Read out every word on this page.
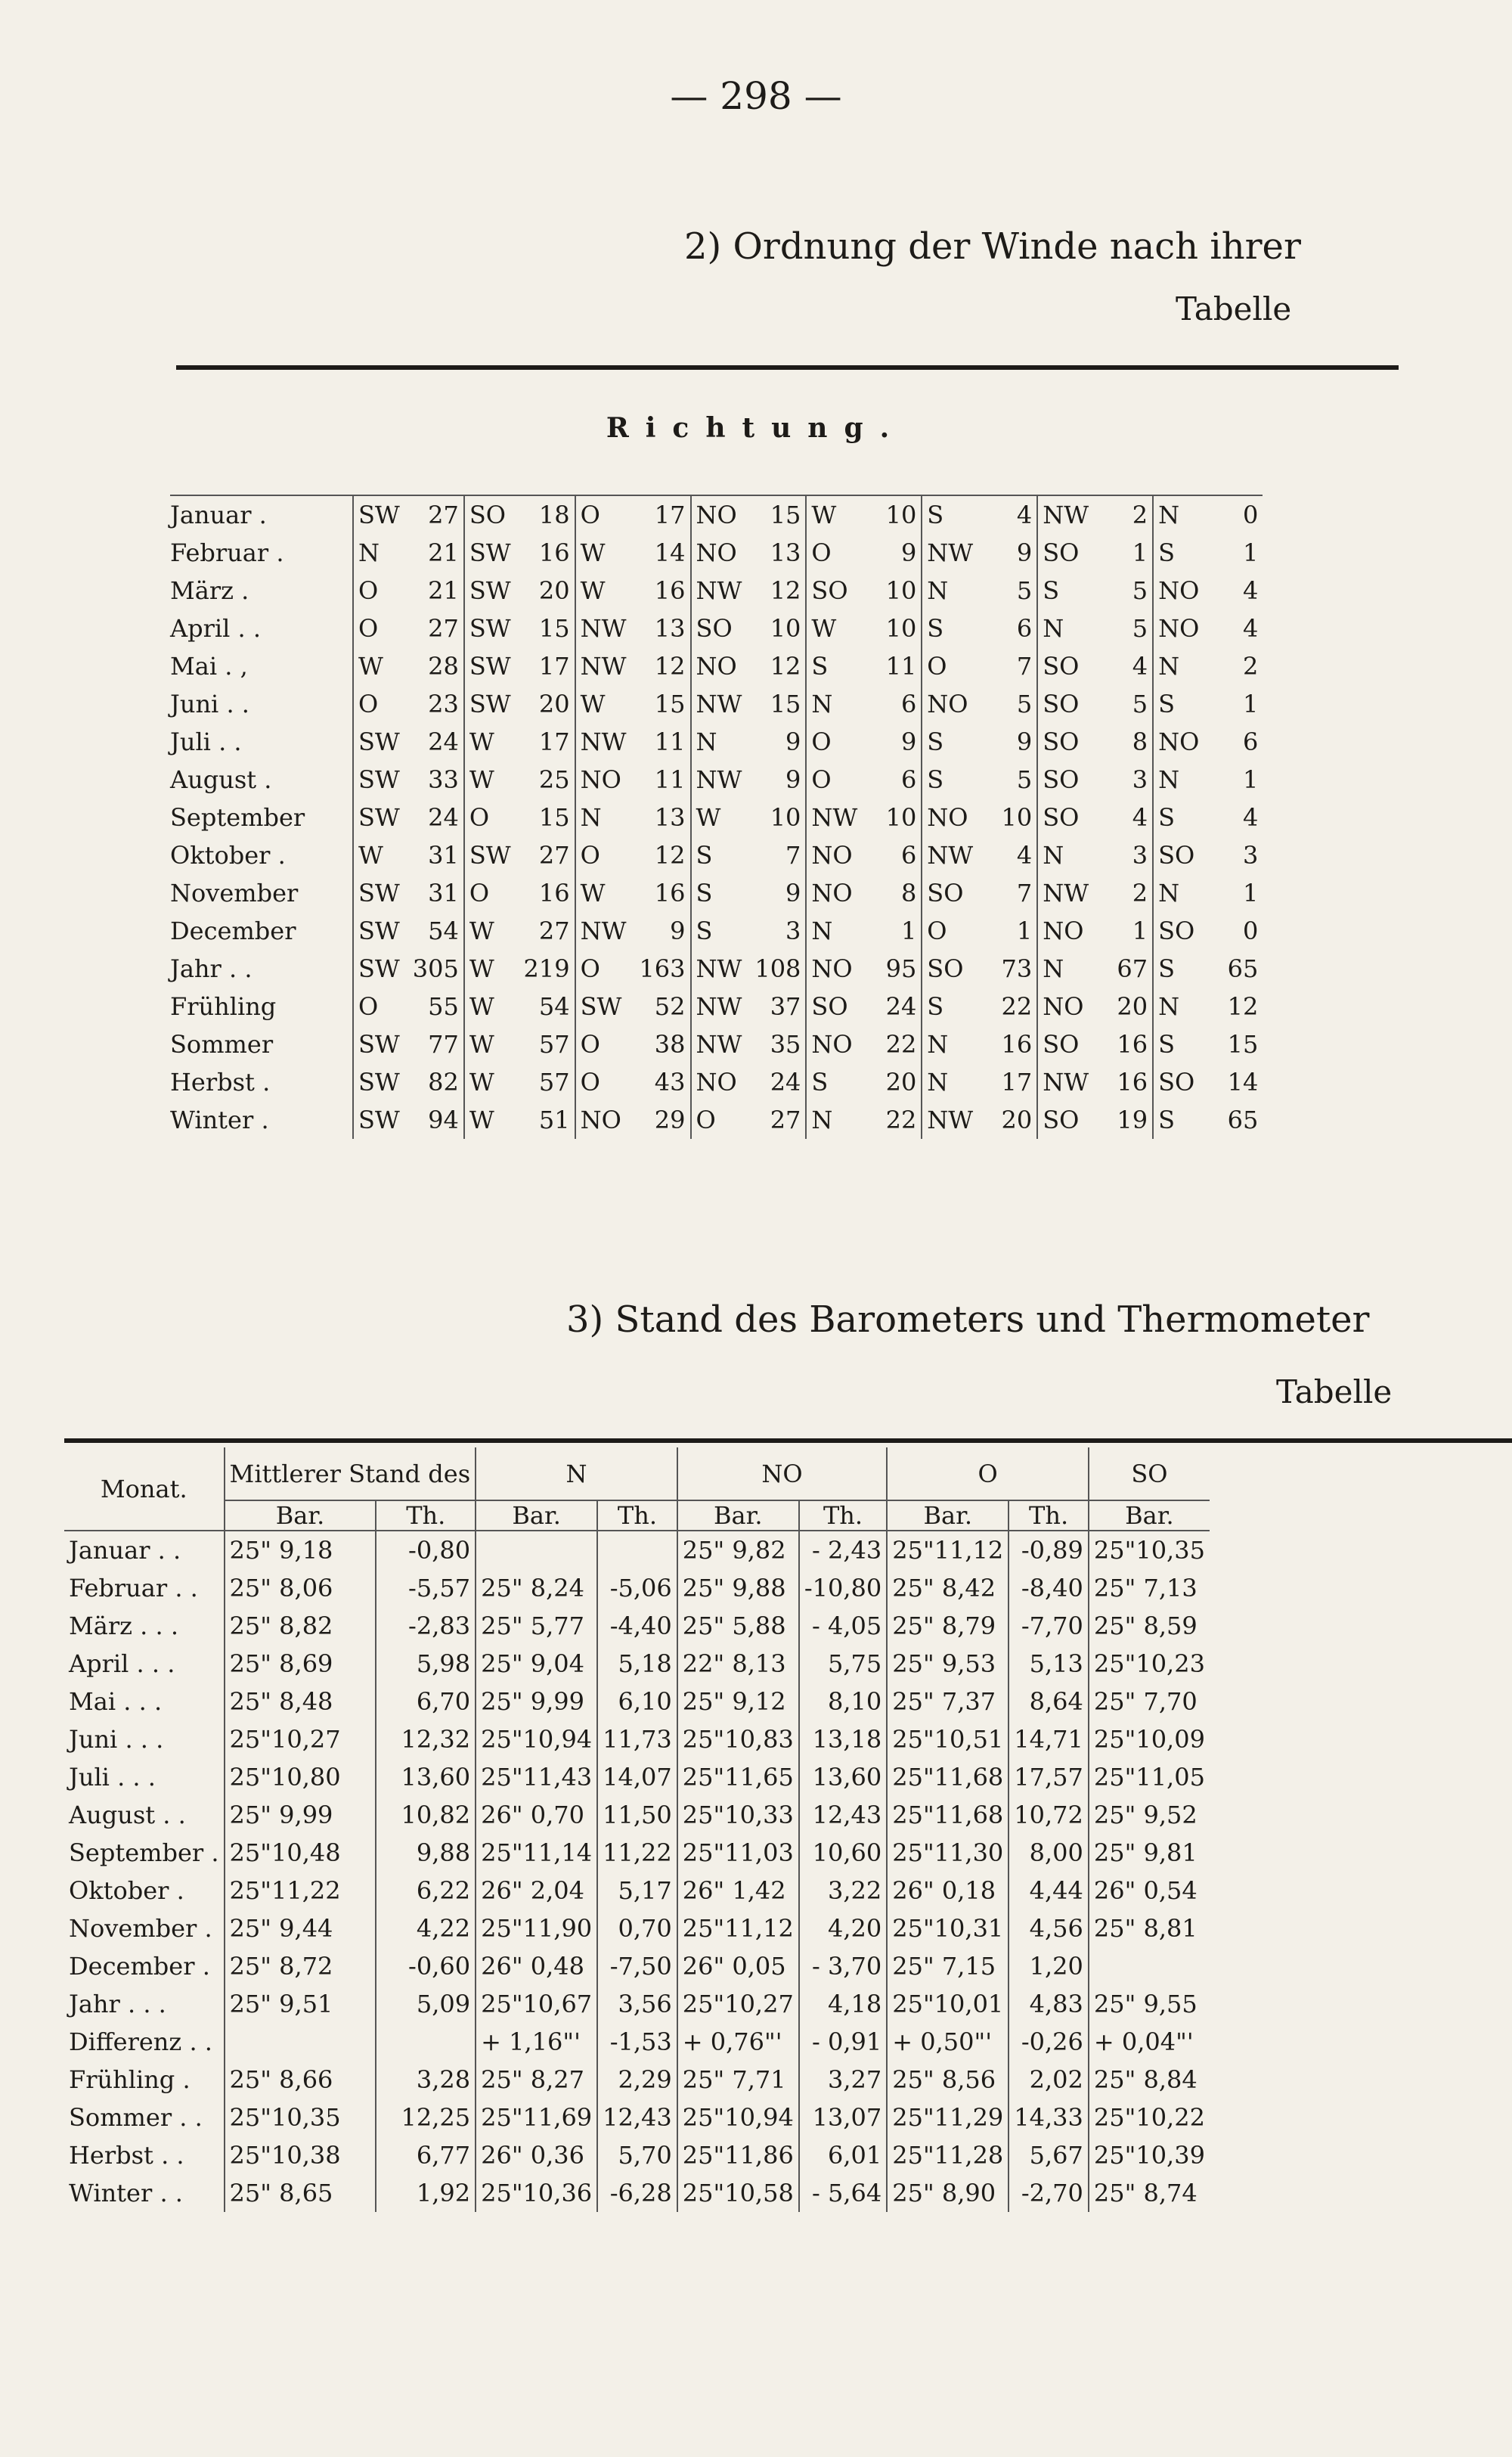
— 298 —
2) Ordnung der Winde nach ihrer
Tabelle
Richtung.
Januar .	SW	27	SO	18	O	17	NO	15	W	10	S	4	NW	2	N	0
Februar .	N	21	SW	16	W	14	NO	13	O	9	NW	9	SO	1	S	1
März .	O	21	SW	20	W	16	NW	12	SO	10	N	5	S	5	NO	4
April . .	O	27	SW	15	NW	13	SO	10	W	10	S	6	N	5	NO	4
Mai . ,	W	28	SW	17	NW	12	NO	12	S	11	O	7	SO	4	N	2
Juni . .	O	23	SW	20	W	15	NW	15	N	6	NO	5	SO	5	S	1
Juli . .	SW	24	W	17	NW	11	N	9	O	9	S	9	SO	8	NO	6
August .	SW	33	W	25	NO	11	NW	9	O	6	S	5	SO	3	N	1
September	SW	24	O	15	N	13	W	10	NW	10	NO	10	SO	4	S	4
Oktober .	W	31	SW	27	O	12	S	7	NO	6	NW	4	N	3	SO	3
November	SW	31	O	16	W	16	S	9	NO	8	SO	7	NW	2	N	1
December	SW	54	W	27	NW	9	S	3	N	1	O	1	NO	1	SO	0
Jahr . .	SW	305	W	219	O	163	NW	108	NO	95	SO	73	N	67	S	65
Frühling	O	55	W	54	SW	52	NW	37	SO	24	S	22	NO	20	N	12
Sommer	SW	77	W	57	O	38	NW	35	NO	22	N	16	SO	16	S	15
Herbst .	SW	82	W	57	O	43	NO	24	S	20	N	17	NW	16	SO	14
Winter .	SW	94	W	51	NO	29	O	27	N	22	NW	20	SO	19	S	65
3) Stand des Barometers und Thermometer
Tabelle
Monat.	Mittlerer Stand des		N		NO		O		SO
	Bar.	Th.	Bar.	Th.	Bar.	Th.	Bar.	Th.	Bar.
Januar . .	25" 9,18	-0,80			25" 9,82	- 2,43	25"11,12	-0,89	25"10,35
Februar . .	25" 8,06	-5,57	25" 8,24	-5,06	25" 9,88	-10,80	25" 8,42	-8,40	25" 7,13
März . . .	25" 8,82	-2,83	25" 5,77	-4,40	25" 5,88	- 4,05	25" 8,79	-7,70	25" 8,59
April . . .	25" 8,69	5,98	25" 9,04	5,18	22" 8,13	5,75	25" 9,53	5,13	25"10,23
Mai . . .	25" 8,48	6,70	25" 9,99	6,10	25" 9,12	8,10	25" 7,37	8,64	25" 7,70
Juni . . .	25"10,27	12,32	25"10,94	11,73	25"10,83	13,18	25"10,51	14,71	25"10,09
Juli . . .	25"10,80	13,60	25"11,43	14,07	25"11,65	13,60	25"11,68	17,57	25"11,05
August . .	25" 9,99	10,82	26" 0,70	11,50	25"10,33	12,43	25"11,68	10,72	25" 9,52
September .	25"10,48	9,88	25"11,14	11,22	25"11,03	10,60	25"11,30	8,00	25" 9,81
Oktober .	25"11,22	6,22	26" 2,04	5,17	26" 1,42	3,22	26" 0,18	4,44	26" 0,54
November .	25" 9,44	4,22	25"11,90	0,70	25"11,12	4,20	25"10,31	4,56	25" 8,81
December .	25" 8,72	-0,60	26" 0,48	-7,50	26" 0,05	- 3,70	25" 7,15	1,20	
Jahr . . .	25" 9,51	5,09	25"10,67	3,56	25"10,27	4,18	25"10,01	4,83	25" 9,55
Differenz . .			+ 1,16"'	-1,53	+ 0,76"'	- 0,91	+ 0,50"'	-0,26	+ 0,04"'
Frühling .	25" 8,66	3,28	25" 8,27	2,29	25" 7,71	3,27	25" 8,56	2,02	25" 8,84
Sommer . .	25"10,35	12,25	25"11,69	12,43	25"10,94	13,07	25"11,29	14,33	25"10,22
Herbst . .	25"10,38	6,77	26" 0,36	5,70	25"11,86	6,01	25"11,28	5,67	25"10,39
Winter . .	25" 8,65	1,92	25"10,36	-6,28	25"10,58	- 5,64	25" 8,90	-2,70	25" 8,74
